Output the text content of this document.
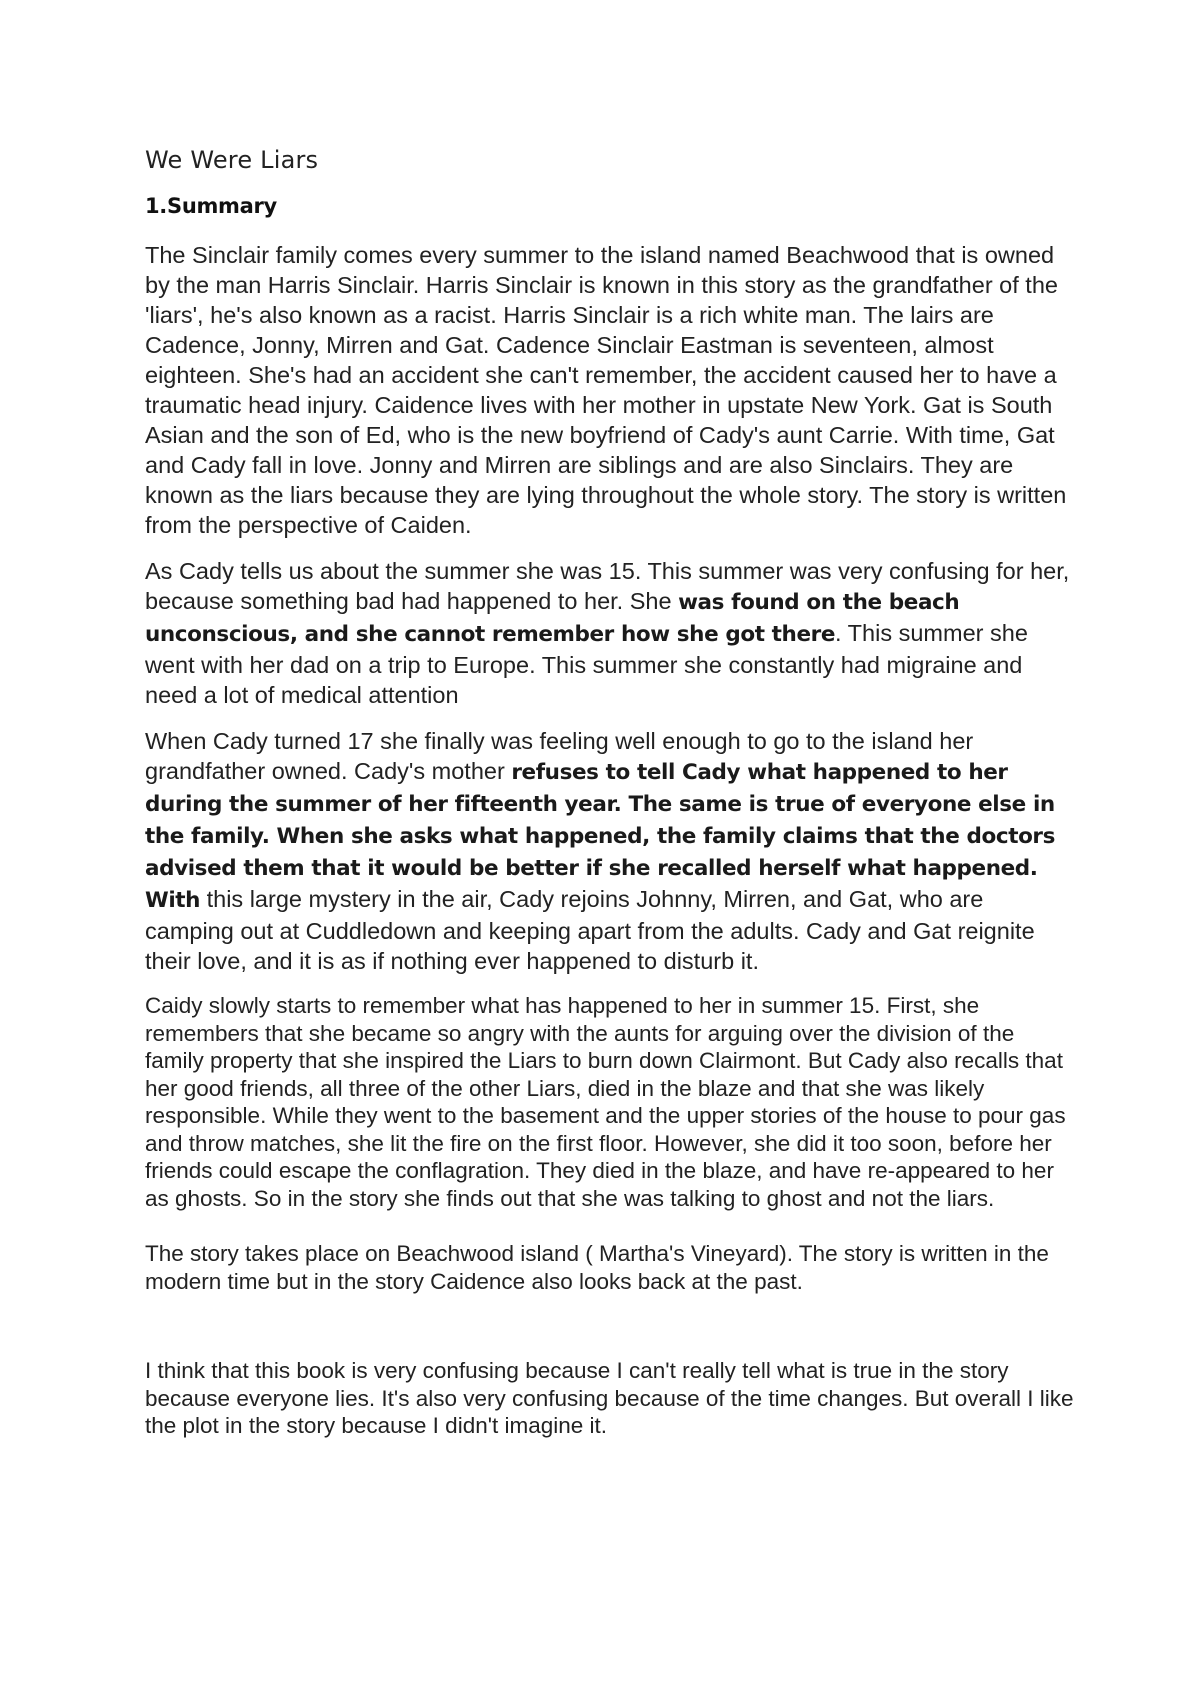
We Were Liars
1.Summary

The Sinclair family comes every summer to the island named Beachwood that is owned by the man Harris Sinclair. Harris Sinclair is known in this story as the grandfather of the 'liars', he's also known as a racist. Harris Sinclair is a rich white man. The lairs are Cadence, Jonny, Mirren and Gat. Cadence Sinclair Eastman is seventeen, almost eighteen. She's had an accident she can't remember, the accident caused her to have a traumatic head injury. Caidence lives with her mother in upstate New York. Gat is South Asian and the son of Ed, who is the new boyfriend of Cady's aunt Carrie. With time, Gat and Cady fall in love. Jonny and Mirren are siblings and are also Sinclairs. They are known as the liars because they are lying throughout the whole story. The story is written from the perspective of Caiden.

As Cady tells us about the summer she was 15. This summer was very confusing for her, because something bad had happened to her. She was found on the beach unconscious, and she cannot remember how she got there. This summer she went with her dad on a trip to Europe. This summer she constantly had migraine and need a lot of medical attention

When Cady turned 17 she finally was feeling well enough to go to the island her grandfather owned. Cady's mother refuses to tell Cady what happened to her during the summer of her fifteenth year. The same is true of everyone else in the family. When she asks what happened, the family claims that the doctors advised them that it would be better if she recalled herself what happened. With this large mystery in the air, Cady rejoins Johnny, Mirren, and Gat, who are camping out at Cuddledown and keeping apart from the adults. Cady and Gat reignite their love, and it is as if nothing ever happened to disturb it.

Caidy slowly starts to remember what has happened to her in summer 15. First, she remembers that she became so angry with the aunts for arguing over the division of the family property that she inspired the Liars to burn down Clairmont. But Cady also recalls that her good friends, all three of the other Liars, died in the blaze and that she was likely responsible. While they went to the basement and the upper stories of the house to pour gas and throw matches, she lit the fire on the first floor. However, she did it too soon, before her friends could escape the conflagration. They died in the blaze, and have re-appeared to her as ghosts. So in the story she finds out that she was talking to ghost and not the liars.

The story takes place on Beachwood island ( Martha's Vineyard). The story is written in the modern time but in the story Caidence also looks back at the past.

I think that this book is very confusing because I can't really tell what is true in the story because everyone lies. It's also very confusing because of the time changes. But overall I like the plot in the story because I didn't imagine it.
